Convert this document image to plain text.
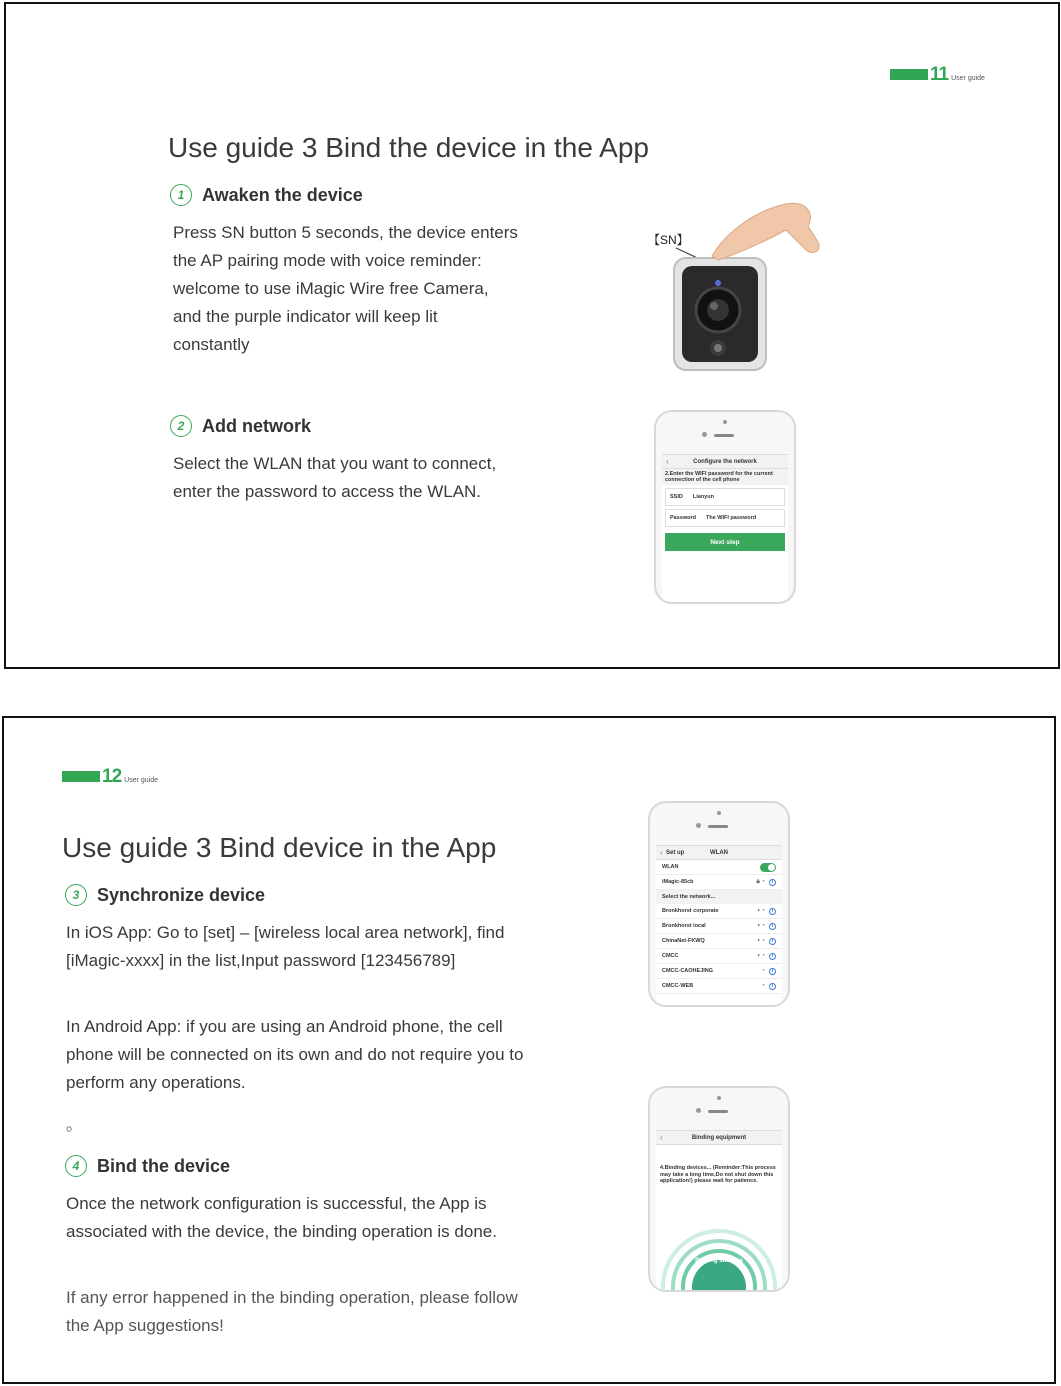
11 User guide
Use guide 3 Bind the device in the App
1 Awaken the device

Press SN button 5 seconds, the device enters the AP pairing mode with voice reminder: welcome to use iMagic Wire free Camera, and the purple indicator will keep lit constantly

【SN】
2 Add network

Select the WLAN that you want to connect, enter the password to access the WLAN.

‹	Configure the network
2.Enter the WIFI password for the current connection of the cell phone
SSID Lianyun
Password The WIFI password
Next step
12 User guide
Use guide 3 Bind device in the App
3 Synchronize device

In iOS App: Go to [set] – [wireless local area network], find [iMagic-xxxx] in the list,Input password [123456789]

In Android App: if you are using an Android phone, the cell phone will be connected on its own and do not require you to perform any operations.

。

4 Bind the device

Once the network configuration is successful, the App is associated with the device, the binding operation is done.

If any error happened in the binding operation, please follow the App suggestions!

‹ Set up	WLAN
WLAN
iMagic-85cb	🔒︎ ◔	i
Select the network...
Bronkhorst corporate	• ◔	i
Bronkhorst local	• ◔	i
ChinaNet-FKWQ	• ◔	i
CMCC	• ◔	i
CMCC-CAOHEJING	◔	i
CMCC-WEB	◔	i
‹	Binding equipment
4.Binding devices... (Reminder:This process may take a long time,Do not shut down this application!) please wait for patience.
Binding success
